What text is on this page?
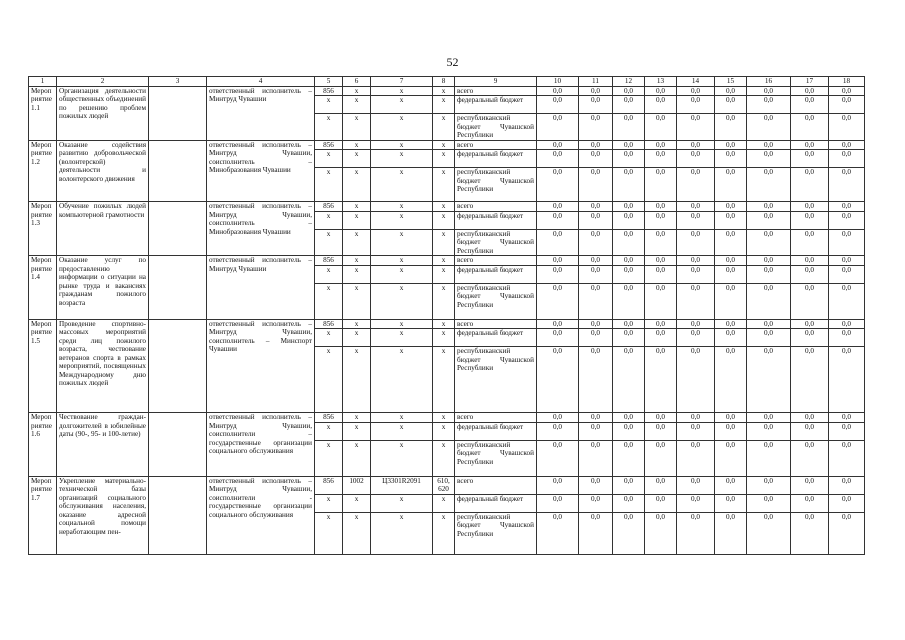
52
1	2	3	4	5	6	7	8	9	10	11	12	13	14	15	16	17	18
Мероприятие 1.1	Организация деятельности общественных объединений по решению проблем пожилых людей		ответственный исполнитель – Минтруд Чувашии	856	x	x	x	всего	0,0	0,0	0,0	0,0	0,0	0,0	0,0	0,0	0,0
				x	x	x	x	федеральный бюджет	0,0	0,0	0,0	0,0	0,0	0,0	0,0	0,0	0,0
				x	x	x	x	республиканский бюджет Чувашской Республики	0,0	0,0	0,0	0,0	0,0	0,0	0,0	0,0	0,0
Мероприятие 1.2	Оказание содействия развитию добровольческой (волонтерской) деятельности и волонтерского движения		ответственный исполнитель – Минтруд Чувашии, соисполнитель – Минобразования Чувашии	856	x	x	x	всего	0,0	0,0	0,0	0,0	0,0	0,0	0,0	0,0	0,0
				x	x	x	x	федеральный бюджет	0,0	0,0	0,0	0,0	0,0	0,0	0,0	0,0	0,0
				x	x	x	x	республиканский бюджет Чувашской Республики	0,0	0,0	0,0	0,0	0,0	0,0	0,0	0,0	0,0
Мероприятие 1.3	Обучение пожилых людей компьютерной грамотности		ответственный исполнитель – Минтруд Чувашии, соисполнитель – Минобразования Чувашии	856	x	x	x	всего	0,0	0,0	0,0	0,0	0,0	0,0	0,0	0,0	0,0
				x	x	x	x	федеральный бюджет	0,0	0,0	0,0	0,0	0,0	0,0	0,0	0,0	0,0
				x	x	x	x	республиканский бюджет Чувашской Республики	0,0	0,0	0,0	0,0	0,0	0,0	0,0	0,0	0,0
Мероприятие 1.4	Оказание услуг по предоставлению информации о ситуации на рынке труда и вакансиях гражданам пожилого возраста		ответственный исполнитель – Минтруд Чувашии	856	x	x	x	всего	0,0	0,0	0,0	0,0	0,0	0,0	0,0	0,0	0,0
				x	x	x	x	федеральный бюджет	0,0	0,0	0,0	0,0	0,0	0,0	0,0	0,0	0,0
				x	x	x	x	республиканский бюджет Чувашской Республики	0,0	0,0	0,0	0,0	0,0	0,0	0,0	0,0	0,0
Мероприятие 1.5	Проведение спортивно-массовых мероприятий среди лиц пожилого возраста, чествование ветеранов спорта в рамках мероприятий, посвященных Международному дню пожилых людей		ответственный исполнитель – Минтруд Чувашии, соисполнитель – Минспорт Чувашии	856	x	x	x	всего	0,0	0,0	0,0	0,0	0,0	0,0	0,0	0,0	0,0
				x	x	x	x	федеральный бюджет	0,0	0,0	0,0	0,0	0,0	0,0	0,0	0,0	0,0
				x	x	x	x	республиканский бюджет Чувашской Республики	0,0	0,0	0,0	0,0	0,0	0,0	0,0	0,0	0,0
Мероприятие 1.6	Чествование граждан-долгожителей в юбилейные даты (90-, 95- и 100-летие)		ответственный исполнитель – Минтруд Чувашии, соисполнители – государственные организации социального обслуживания	856	x	x	x	всего	0,0	0,0	0,0	0,0	0,0	0,0	0,0	0,0	0,0
				x	x	x	x	федеральный бюджет	0,0	0,0	0,0	0,0	0,0	0,0	0,0	0,0	0,0
				x	x	x	x	республиканский бюджет Чувашской Республики	0,0	0,0	0,0	0,0	0,0	0,0	0,0	0,0	0,0
Мероприятие 1.7	Укрепление материально-технической базы организаций социального обслуживания населения, оказание адресной социальной помощи неработающим пен-		ответственный исполнитель – Минтруд Чувашии, соисполнители - государственные организации социального обслуживания	856	1002	Ц3301R2091	610, 620	всего	0,0	0,0	0,0	0,0	0,0	0,0	0,0	0,0	0,0
				x	x	x	x	федеральный бюджет	0,0	0,0	0,0	0,0	0,0	0,0	0,0	0,0	0,0
				x	x	x	x	республиканский бюджет Чувашской Республики	0,0	0,0	0,0	0,0	0,0	0,0	0,0	0,0	0,0
